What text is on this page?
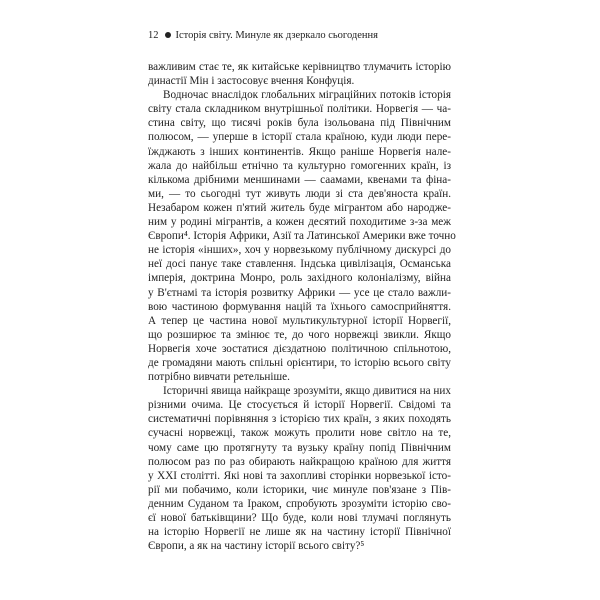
12 Історія світу. Минуле як дзеркало сьогодення
важливим стає те, як китайське керівництво тлумачить історію
династії Мін і застосовує вчення Конфуція.
Водночас внаслідок глобальних міграційних потоків історія
світу стала складником внутрішньої політики. Норвегія — ча-
стина світу, що тисячі років була ізольована під Північним
полюсом, — уперше в історії стала країною, куди люди пере-
їжджають з інших континентів. Якщо раніше Норвегія нале-
жала до найбільш етнічно та культурно гомогенних країн, із
кількома дрібними меншинами — саамами, квенами та фіна-
ми, — то сьогодні тут живуть люди зі ста дев'яноста країн.
Незабаром кожен п'ятий житель буде мігрантом або народже-
ним у родині мігрантів, а кожен десятий походитиме з-за меж
Європи⁴. Історія Африки, Азії та Латинської Америки вже точно
не історія «інших», хоч у норвезькому публічному дискурсі до
неї досі панує таке ставлення. Індська цивілізація, Османська
імперія, доктрина Монро, роль західного колоніалізму, війна
у В'єтнамі та історія розвитку Африки — усе це стало важли-
вою частиною формування націй та їхнього самосприйняття.
А тепер це частина нової мультикультурної історії Норвегії,
що розширює та змінює те, до чого норвежці звикли. Якщо
Норвегія хоче зостатися дієздатною політичною спільнотою,
де громадяни мають спільні орієнтири, то історію всього світу
потрібно вивчати ретельніше.
Історичні явища найкраще зрозуміти, якщо дивитися на них
різними очима. Це стосується й історії Норвегії. Свідомі та
систематичні порівняння з історією тих країн, з яких походять
сучасні норвежці, також можуть пролити нове світло на те,
чому саме цю протягнуту та вузьку країну попід Північним
полюсом раз по раз обирають найкращою країною для життя
у XXI столітті. Які нові та захопливі сторінки норвезької істо-
рії ми побачимо, коли історики, чиє минуле пов'язане з Пів-
денним Суданом та Іраком, спробують зрозуміти історію сво-
єї нової батьківщини? Що буде, коли нові тлумачі поглянуть
на історію Норвегії не лише як на частину історії Північної
Європи, а як на частину історії всього світу?⁵
